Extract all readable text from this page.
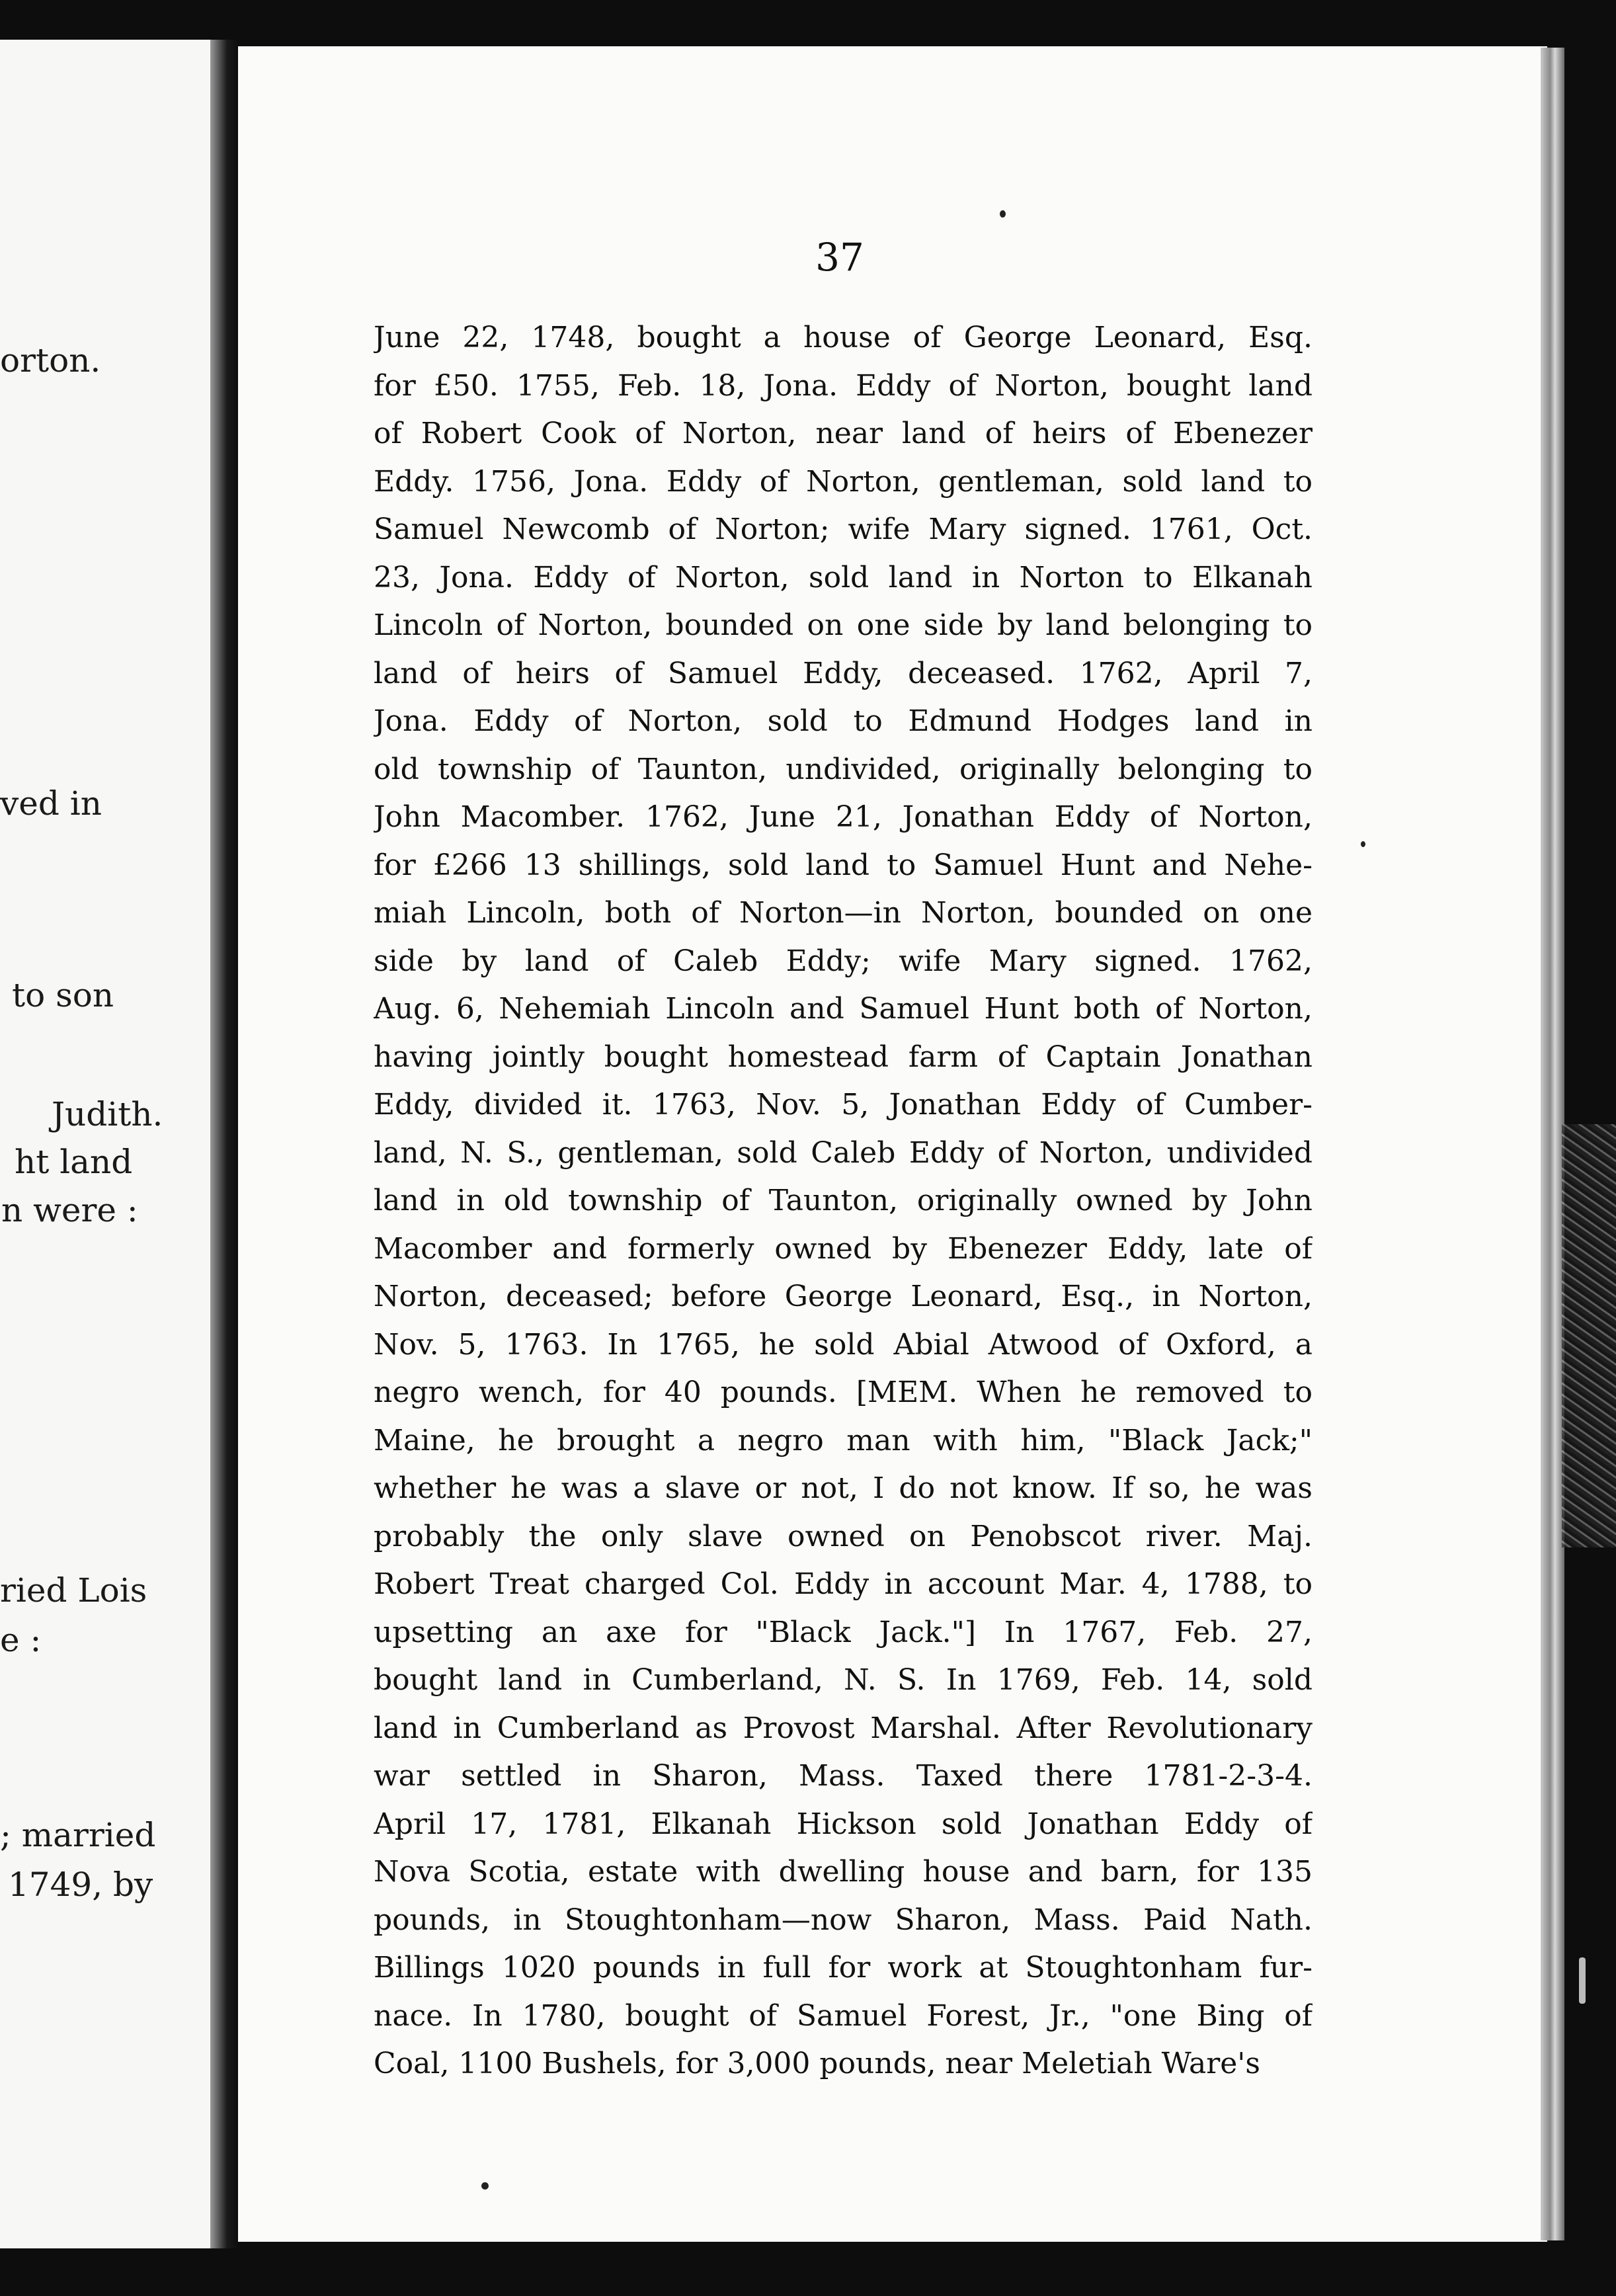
orton.
ved in
to son
Judith.
ht land
n were :
ried Lois
e :
; married
1749, by
37
June 22, 1748, bought a house of George Leonard, Esq.
for £50. 1755, Feb. 18, Jona. Eddy of Norton, bought land
of Robert Cook of Norton, near land of heirs of Ebenezer
Eddy. 1756, Jona. Eddy of Norton, gentleman, sold land to
Samuel Newcomb of Norton; wife Mary signed. 1761, Oct.
23, Jona. Eddy of Norton, sold land in Norton to Elkanah
Lincoln of Norton, bounded on one side by land belonging to
land of heirs of Samuel Eddy, deceased. 1762, April 7,
Jona. Eddy of Norton, sold to Edmund Hodges land in
old township of Taunton, undivided, originally belonging to
John Macomber. 1762, June 21, Jonathan Eddy of Norton,
for £266 13 shillings, sold land to Samuel Hunt and Nehe-
miah Lincoln, both of Norton—in Norton, bounded on one
side by land of Caleb Eddy; wife Mary signed. 1762,
Aug. 6, Nehemiah Lincoln and Samuel Hunt both of Norton,
having jointly bought homestead farm of Captain Jonathan
Eddy, divided it. 1763, Nov. 5, Jonathan Eddy of Cumber-
land, N. S., gentleman, sold Caleb Eddy of Norton, undivided
land in old township of Taunton, originally owned by John
Macomber and formerly owned by Ebenezer Eddy, late of
Norton, deceased; before George Leonard, Esq., in Norton,
Nov. 5, 1763. In 1765, he sold Abial Atwood of Oxford, a
negro wench, for 40 pounds. [MEM. When he removed to
Maine, he brought a negro man with him, "Black Jack;"
whether he was a slave or not, I do not know. If so, he was
probably the only slave owned on Penobscot river. Maj.
Robert Treat charged Col. Eddy in account Mar. 4, 1788, to
upsetting an axe for "Black Jack."] In 1767, Feb. 27,
bought land in Cumberland, N. S. In 1769, Feb. 14, sold
land in Cumberland as Provost Marshal. After Revolutionary
war settled in Sharon, Mass. Taxed there 1781-2-3-4.
April 17, 1781, Elkanah Hickson sold Jonathan Eddy of
Nova Scotia, estate with dwelling house and barn, for 135
pounds, in Stoughtonham—now Sharon, Mass. Paid Nath.
Billings 1020 pounds in full for work at Stoughtonham fur-
nace. In 1780, bought of Samuel Forest, Jr., "one Bing of
Coal, 1100 Bushels, for 3,000 pounds, near Meletiah Ware's
